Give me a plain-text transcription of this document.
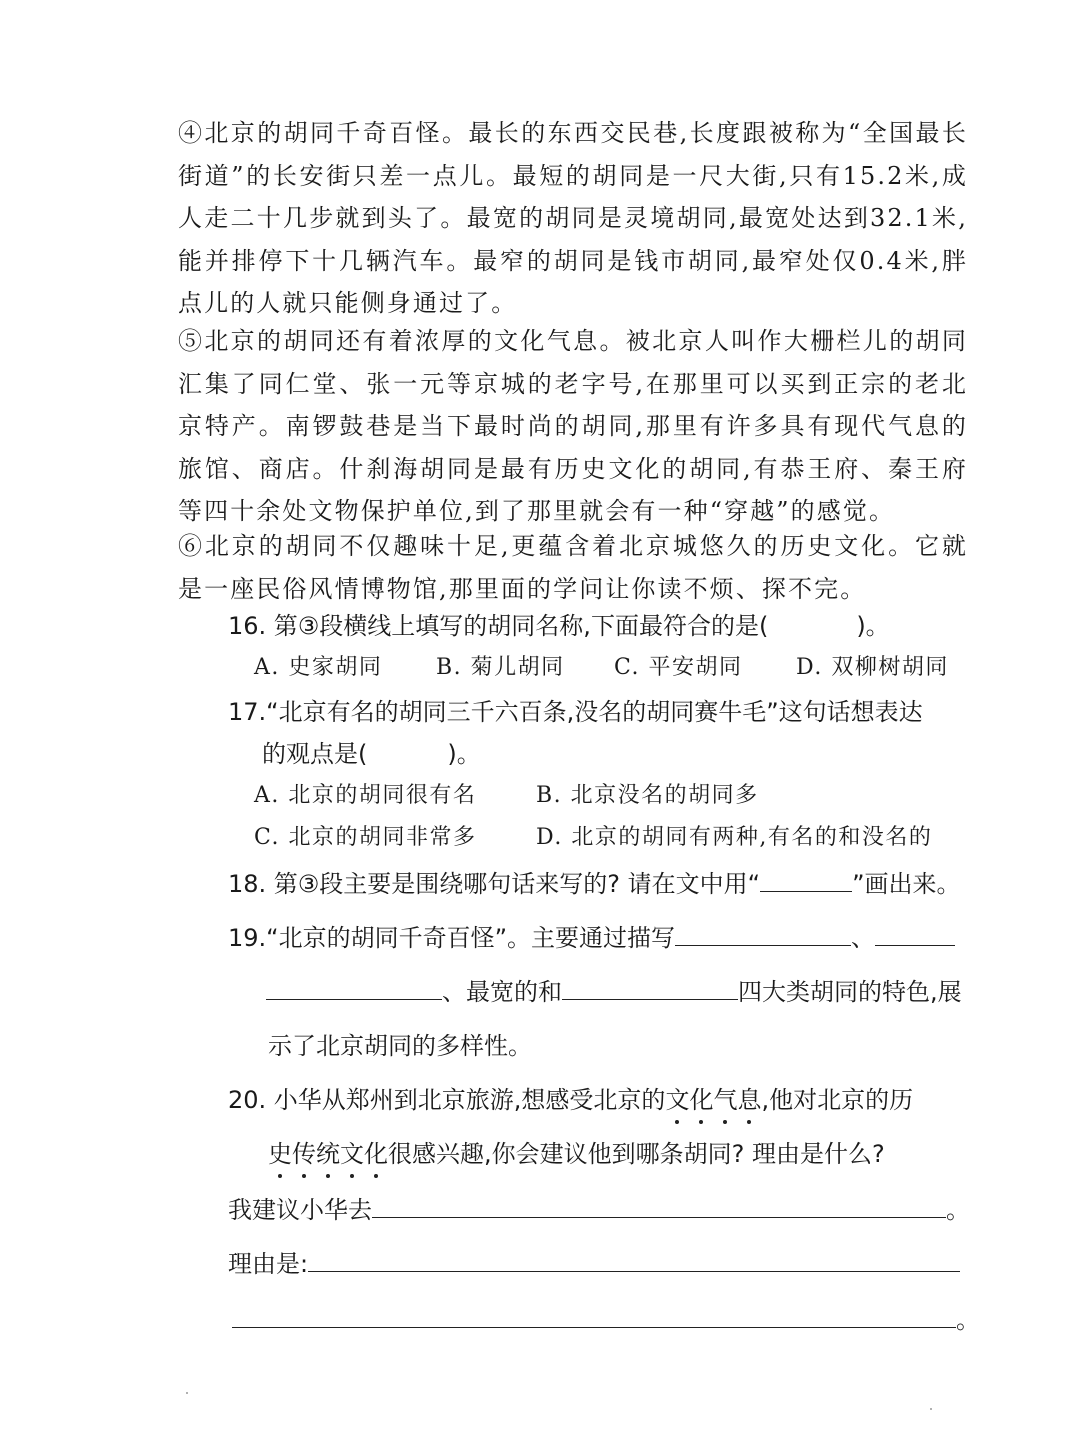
④北京的胡同千奇百怪。最长的东西交民巷,长度跟被称为“全国最长街道”的长安街只差一点儿。最短的胡同是一尺大街,只有15.2米,成人走二十几步就到头了。最宽的胡同是灵境胡同,最宽处达到32.1米,能并排停下十几辆汽车。最窄的胡同是钱市胡同,最窄处仅0.4米,胖点儿的人就只能侧身通过了。

⑤北京的胡同还有着浓厚的文化气息。被北京人叫作大栅栏儿的胡同汇集了同仁堂、张一元等京城的老字号,在那里可以买到正宗的老北京特产。南锣鼓巷是当下最时尚的胡同,那里有许多具有现代气息的旅馆、商店。什刹海胡同是最有历史文化的胡同,有恭王府、秦王府等四十余处文物保护单位,到了那里就会有一种“穿越”的感觉。

⑥北京的胡同不仅趣味十足,更蕴含着北京城悠久的历史文化。它就是一座民俗风情博物馆,那里面的学问让你读不烦、探不完。

16. 第③段横线上填写的胡同名称,下面最符合的是(	)。
A. 史家胡同 B. 菊儿胡同 C. 平安胡同 D. 双柳树胡同
17.“北京有名的胡同三千六百条,没名的胡同赛牛毛”这句话想表达
的观点是(	)。
A. 北京的胡同很有名	B. 北京没名的胡同多
C. 北京的胡同非常多	D. 北京的胡同有两种,有名的和没名的
18. 第③段主要是围绕哪句话来写的? 请在文中用“	”画出来。
19.“北京的胡同千奇百怪”。主要通过描写	、
、最宽的和	四大类胡同的特色,展
示了北京胡同的多样性。
20. 小华从郑州到北京旅游,想感受北京的文化气息,他对北京的历
史传统文化很感兴趣,你会建议他到哪条胡同? 理由是什么?
我建议小华去	。
理由是:
。
